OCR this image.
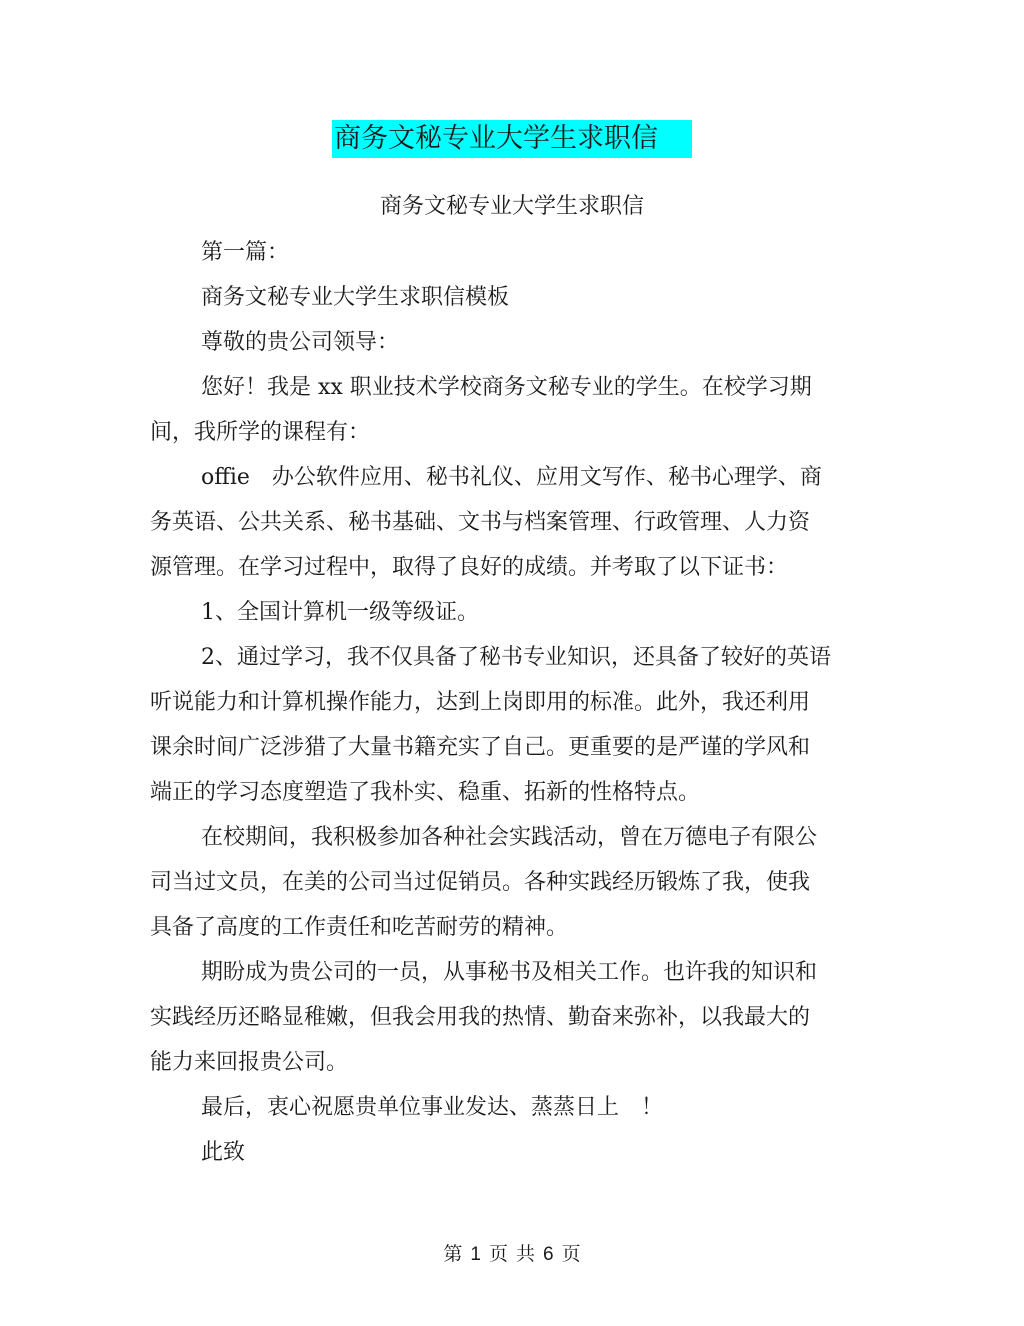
商务文秘专业大学生求职信
商务文秘专业大学生求职信
第一篇：
商务文秘专业大学生求职信模板
尊敬的贵公司领导：
您好！我是 xx 职业技术学校商务文秘专业的学生。在校学习期
间，我所学的课程有：
offie　办公软件应用、秘书礼仪、应用文写作、秘书心理学、商
务英语、公共关系、秘书基础、文书与档案管理、行政管理、人力资
源管理。在学习过程中，取得了良好的成绩。并考取了以下证书：
1、全国计算机一级等级证。
2、通过学习，我不仅具备了秘书专业知识，还具备了较好的英语
听说能力和计算机操作能力，达到上岗即用的标准。此外，我还利用
课余时间广泛涉猎了大量书籍充实了自己。更重要的是严谨的学风和
端正的学习态度塑造了我朴实、稳重、拓新的性格特点。
在校期间，我积极参加各种社会实践活动，曾在万德电子有限公
司当过文员，在美的公司当过促销员。各种实践经历锻炼了我，使我
具备了高度的工作责任和吃苦耐劳的精神。
期盼成为贵公司的一员，从事秘书及相关工作。也许我的知识和
实践经历还略显稚嫩，但我会用我的热情、勤奋来弥补，以我最大的
能力来回报贵公司。
最后，衷心祝愿贵单位事业发达、蒸蒸日上　！
此致
第 1 页 共 6 页
